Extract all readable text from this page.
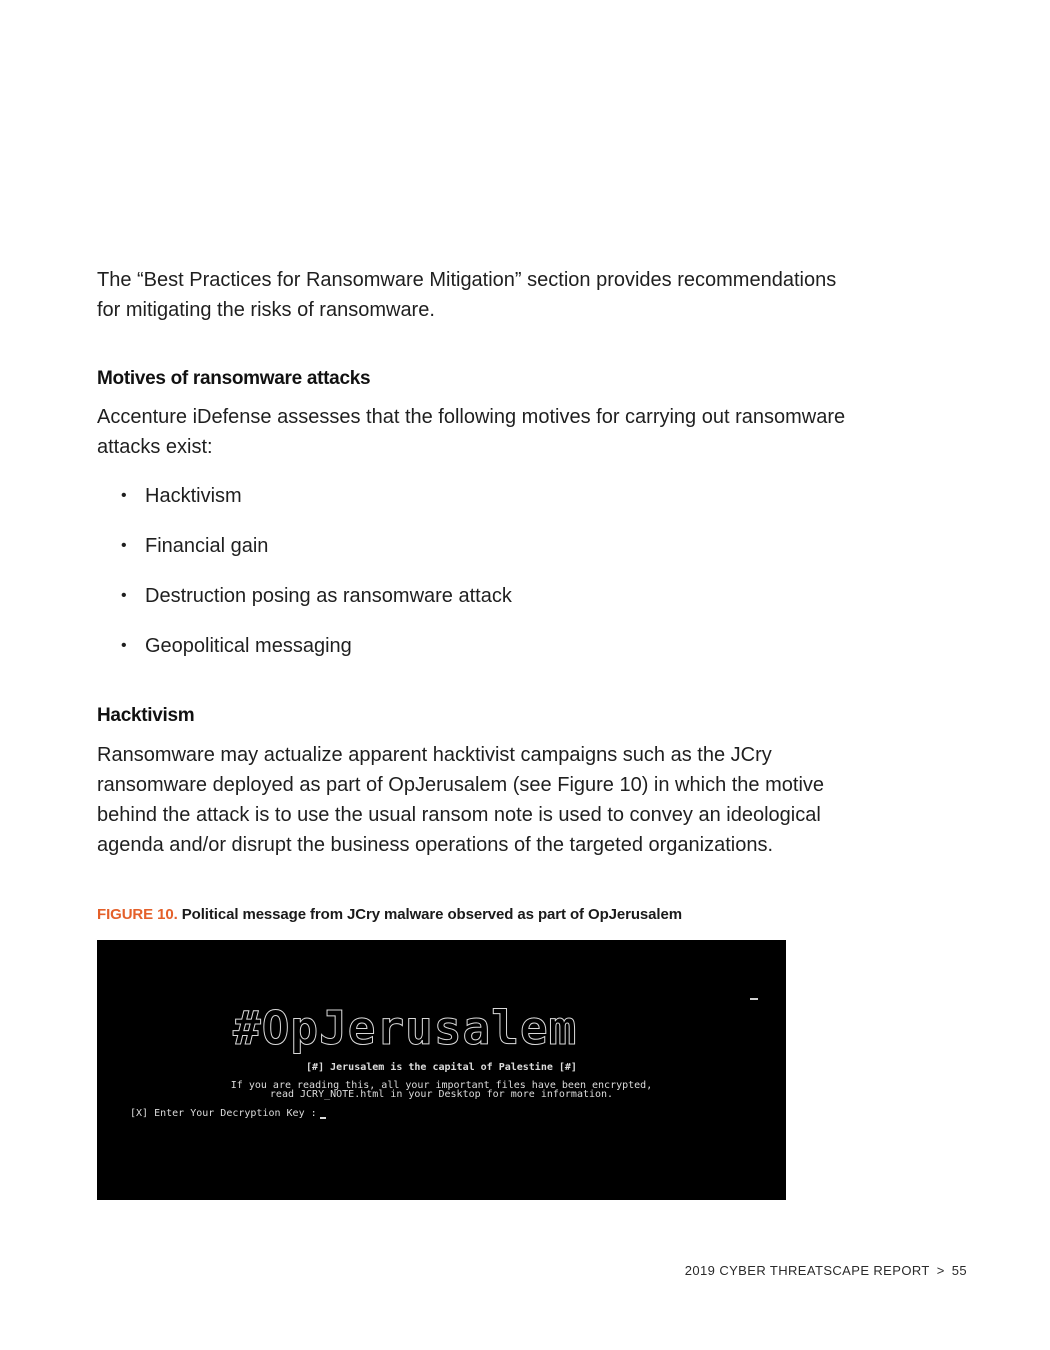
The “Best Practices for Ransomware Mitigation” section provides recommendations for mitigating the risks of ransomware.

Motives of ransomware attacks

Accenture iDefense assesses that the following motives for carrying out ransomware attacks exist:

• Hacktivism
• Financial gain
• Destruction posing as ransomware attack
• Geopolitical messaging
Hacktivism

Ransomware may actualize apparent hacktivist campaigns such as the JCry ransomware deployed as part of OpJerusalem (see Figure 10) in which the motive behind the attack is to use the usual ransom note is used to convey an ideological agenda and/or disrupt the business operations of the targeted organizations.

FIGURE 10. Political message from JCry malware observed as part of OpJerusalem

#OpJerusalem
[#] Jerusalem is the capital of Palestine [#]
If you are reading this, all your important files have been encrypted,
read JCRY_NOTE.html in your Desktop for more information.
[X] Enter Your Decryption Key :
2019 CYBER THREATSCAPE REPORT > 55
